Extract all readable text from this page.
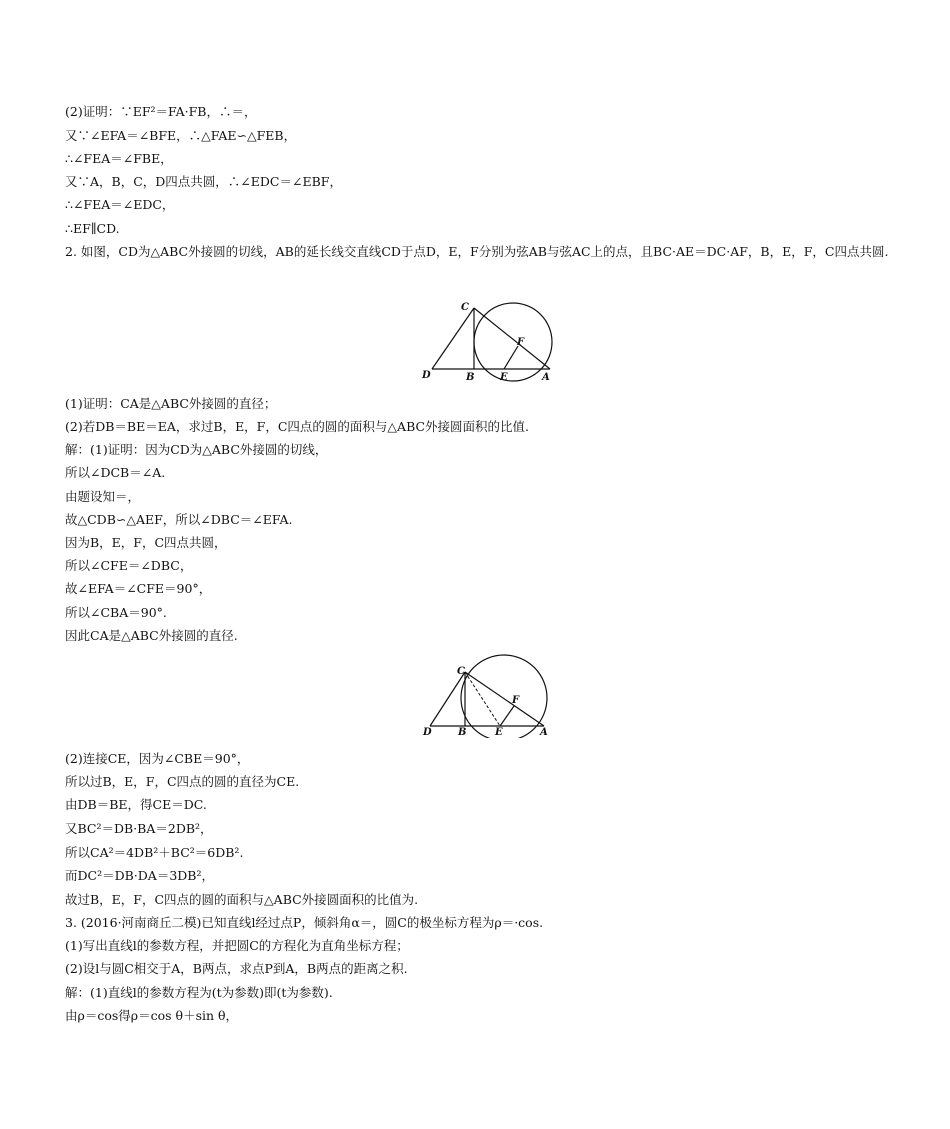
(2)证明：∵EF²＝FA·FB，∴＝，
又∵∠EFA＝∠BFE，∴△FAE∽△FEB，
∴∠FEA＝∠FBE，
又∵A，B，C，D四点共圆，∴∠EDC＝∠EBF，
∴∠FEA＝∠EDC，
∴EF∥CD.
2. 如图，CD为△ABC外接圆的切线，AB的延长线交直线CD于点D，E，F分别为弦AB与弦AC上的点，且BC·AE＝DC·AF，B，E，F，C四点共圆.
C
F
D	B	E	A
(1)证明：CA是△ABC外接圆的直径；
(2)若DB＝BE＝EA，求过B，E，F，C四点的圆的面积与△ABC外接圆面积的比值.
解：(1)证明：因为CD为△ABC外接圆的切线，
所以∠DCB＝∠A.
由题设知＝，
故△CDB∽△AEF，所以∠DBC＝∠EFA.
因为B，E，F，C四点共圆，
所以∠CFE＝∠DBC，
故∠EFA＝∠CFE＝90°，
所以∠CBA＝90°.
因此CA是△ABC外接圆的直径.
C
F
D	B	E	A
(2)连接CE，因为∠CBE＝90°，
所以过B，E，F，C四点的圆的直径为CE.
由DB＝BE，得CE＝DC.
又BC²＝DB·BA＝2DB²，
所以CA²＝4DB²＋BC²＝6DB².
而DC²＝DB·DA＝3DB²，
故过B，E，F，C四点的圆的面积与△ABC外接圆面积的比值为.
3. (2016·河南商丘二模)已知直线l经过点P，倾斜角α＝，圆C的极坐标方程为ρ＝·cos.
(1)写出直线l的参数方程，并把圆C的方程化为直角坐标方程；
(2)设l与圆C相交于A，B两点，求点P到A，B两点的距离之积.
解：(1)直线l的参数方程为(t为参数)即(t为参数).
由ρ＝cos得ρ＝cos θ＋sin θ，
